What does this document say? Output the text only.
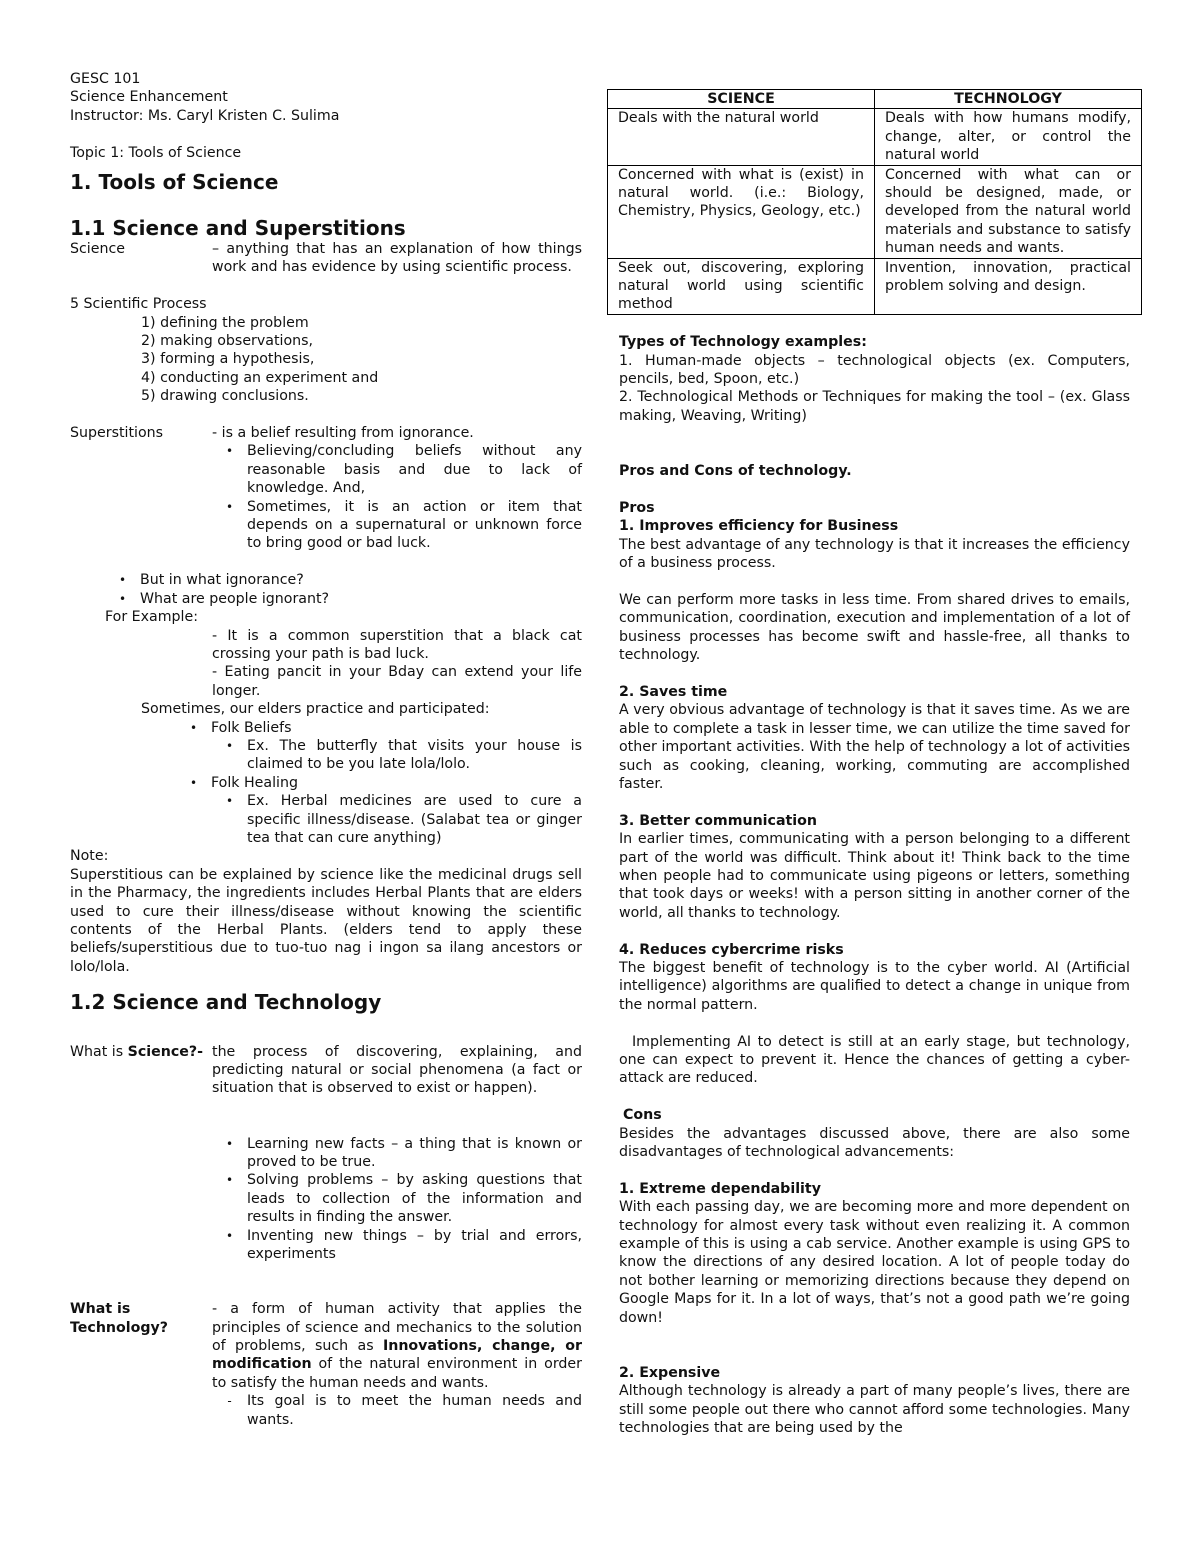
GESC 101

Science Enhancement

Instructor: Ms. Caryl Kristen C. Sulima

Topic 1: Tools of Science

1. Tools of Science
1.1 Science and Superstitions
Science	– anything that has an explanation of how things work and has evidence by using scientific process.

5 Scientific Process

1) defining the problem

2) making observations,

3) forming a hypothesis,

4) conducting an experiment and

5) drawing conclusions.

Superstitions	- is a belief resulting from ignorance.
• Believing/concluding beliefs without any reasonable basis and due to lack of knowledge. And,
• Sometimes, it is an action or item that depends on a supernatural or unknown force to bring good or bad luck.
• But in what ignorance?
• What are people ignorant?

For Example:

- It is a common superstition that a black cat crossing your path is bad luck.

- Eating pancit in your Bday can extend your life longer.

Sometimes, our elders practice and participated:

• Folk Beliefs
• Ex. The butterfly that visits your house is claimed to be you late lola/lolo.
• Folk Healing
• Ex. Herbal medicines are used to cure a specific illness/disease. (Salabat tea or ginger tea that can cure anything)

Note:

Superstitious can be explained by science like the medicinal drugs sell in the Pharmacy, the ingredients includes Herbal Plants that are elders used to cure their illness/disease without knowing the scientific contents of the Herbal Plants. (elders tend to apply these beliefs/superstitious due to tuo-tuo nag i ingon sa ilang ancestors or lolo/lola.

1.2 Science and Technology
What is Science?- the process of discovering, explaining, and predicting natural or social phenomena (a fact or situation that is observed to exist or happen).
• Learning new facts – a thing that is known or proved to be true.
• Solving problems – by asking questions that leads to collection of the information and results in finding the answer.
• Inventing new things – by trial and errors, experiments
What is Technology?
- a form of human activity that applies the principles of science and mechanics to the solution of problems, such as Innovations, change, or modification of the natural environment in order to satisfy the human needs and wants.
-	Its goal is to meet the human needs and wants.
SCIENCE	TECHNOLOGY
Deals with the natural world	Deals with how humans modify, change, alter, or control the natural world
Concerned with what is (exist) in natural world. (i.e.: Biology, Chemistry, Physics, Geology, etc.)	Concerned with what can or should be designed, made, or developed from the natural world materials and substance to satisfy human needs and wants.
Seek out, discovering, exploring natural world using scientific method	Invention, innovation, practical problem solving and design.

Types of Technology examples:

1. Human-made objects – technological objects (ex. Computers, pencils, bed, Spoon, etc.)

2. Technological Methods or Techniques for making the tool – (ex. Glass making, Weaving, Writing)

Pros and Cons of technology.

Pros

1. Improves efficiency for Business

The best advantage of any technology is that it increases the efficiency of a business process.

We can perform more tasks in less time. From shared drives to emails, communication, coordination, execution and implementation of a lot of business processes has become swift and hassle-free, all thanks to technology.

2. Saves time

A very obvious advantage of technology is that it saves time. As we are able to complete a task in lesser time, we can utilize the time saved for other important activities. With the help of technology a lot of activities such as cooking, cleaning, working, commuting are accomplished faster.

3. Better communication

In earlier times, communicating with a person belonging to a different part of the world was difficult. Think about it! Think back to the time when people had to communicate using pigeons or letters, something that took days or weeks! with a person sitting in another corner of the world, all thanks to technology.

4. Reduces cybercrime risks

The biggest benefit of technology is to the cyber world. AI (Artificial intelligence) algorithms are qualified to detect a change in unique from the normal pattern.

Implementing AI to detect is still at an early stage, but technology, one can expect to prevent it. Hence the chances of getting a cyber-attack are reduced.

Cons

Besides the advantages discussed above, there are also some disadvantages of technological advancements:

1. Extreme dependability

With each passing day, we are becoming more and more dependent on technology for almost every task without even realizing it. A common example of this is using a cab service. Another example is using GPS to know the directions of any desired location. A lot of people today do not bother learning or memorizing directions because they depend on Google Maps for it. In a lot of ways, that’s not a good path we’re going down!

2. Expensive

Although technology is already a part of many people’s lives, there are still some people out there who cannot afford some technologies. Many technologies that are being used by the
